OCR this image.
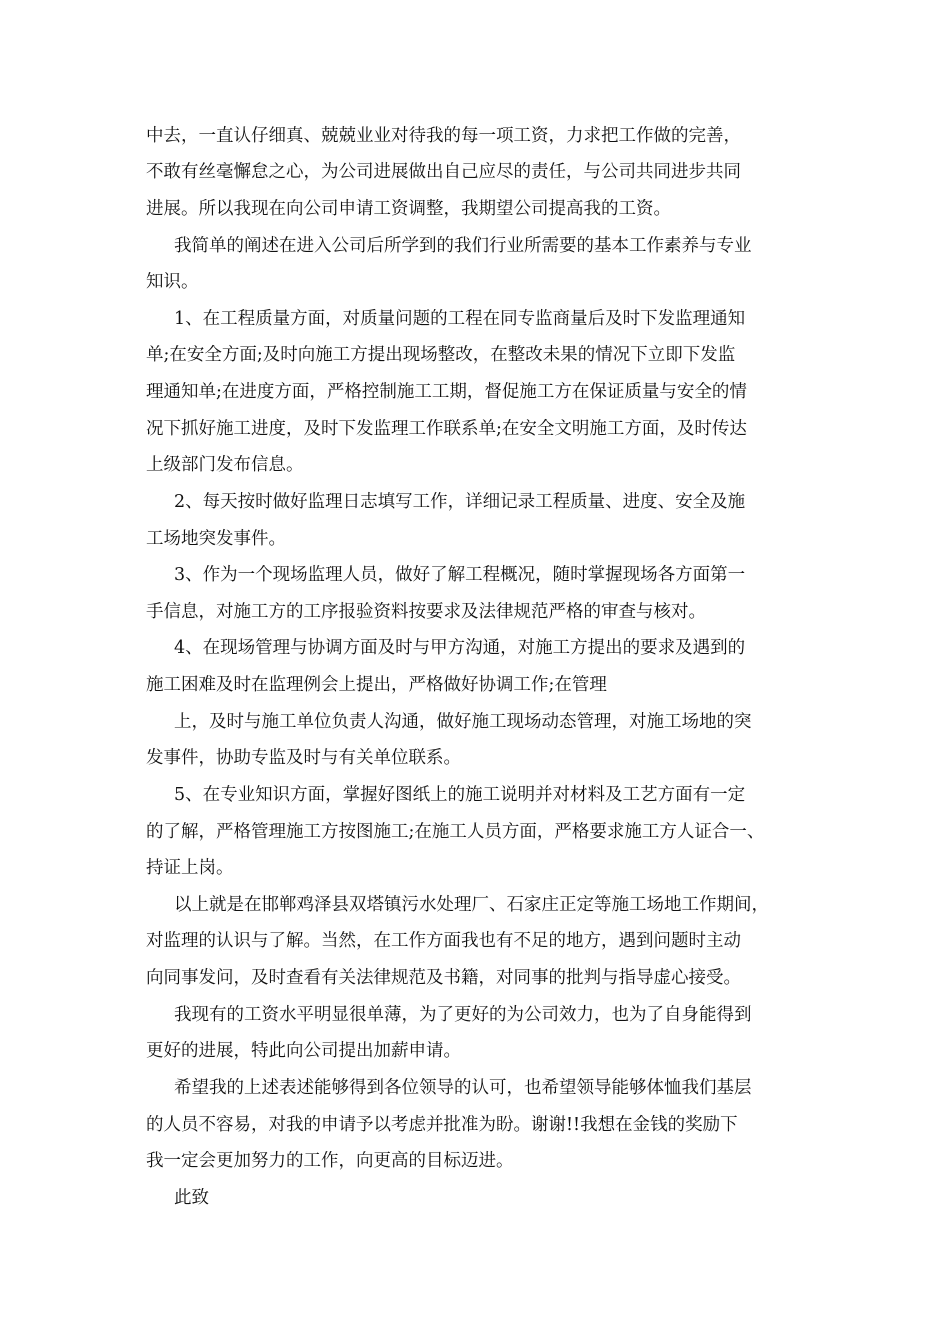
中去，一直认仔细真、兢兢业业对待我的每一项工资，力求把工作做的完善，
不敢有丝毫懈怠之心，为公司进展做出自己应尽的责任，与公司共同进步共同
进展。所以我现在向公司申请工资调整，我期望公司提高我的工资。
我简单的阐述在进入公司后所学到的我们行业所需要的基本工作素养与专业
知识。
1、在工程质量方面，对质量问题的工程在同专监商量后及时下发监理通知
单;在安全方面;及时向施工方提出现场整改，在整改未果的情况下立即下发监
理通知单;在进度方面，严格控制施工工期，督促施工方在保证质量与安全的情
况下抓好施工进度，及时下发监理工作联系单;在安全文明施工方面，及时传达
上级部门发布信息。
2、每天按时做好监理日志填写工作，详细记录工程质量、进度、安全及施
工场地突发事件。
3、作为一个现场监理人员，做好了解工程概况，随时掌握现场各方面第一
手信息，对施工方的工序报验资料按要求及法律规范严格的审查与核对。
4、在现场管理与协调方面及时与甲方沟通，对施工方提出的要求及遇到的
施工困难及时在监理例会上提出，严格做好协调工作;在管理
上，及时与施工单位负责人沟通，做好施工现场动态管理，对施工场地的突
发事件，协助专监及时与有关单位联系。
5、在专业知识方面，掌握好图纸上的施工说明并对材料及工艺方面有一定
的了解，严格管理施工方按图施工;在施工人员方面，严格要求施工方人证合一、
持证上岗。
以上就是在邯郸鸡泽县双塔镇污水处理厂、石家庄正定等施工场地工作期间，
对监理的认识与了解。当然，在工作方面我也有不足的地方，遇到问题时主动
向同事发问，及时查看有关法律规范及书籍，对同事的批判与指导虚心接受。
我现有的工资水平明显很单薄，为了更好的为公司效力，也为了自身能得到
更好的进展，特此向公司提出加薪申请。
希望我的上述表述能够得到各位领导的认可，也希望领导能够体恤我们基层
的人员不容易，对我的申请予以考虑并批准为盼。谢谢!!我想在金钱的奖励下
我一定会更加努力的工作，向更高的目标迈进。
此致
